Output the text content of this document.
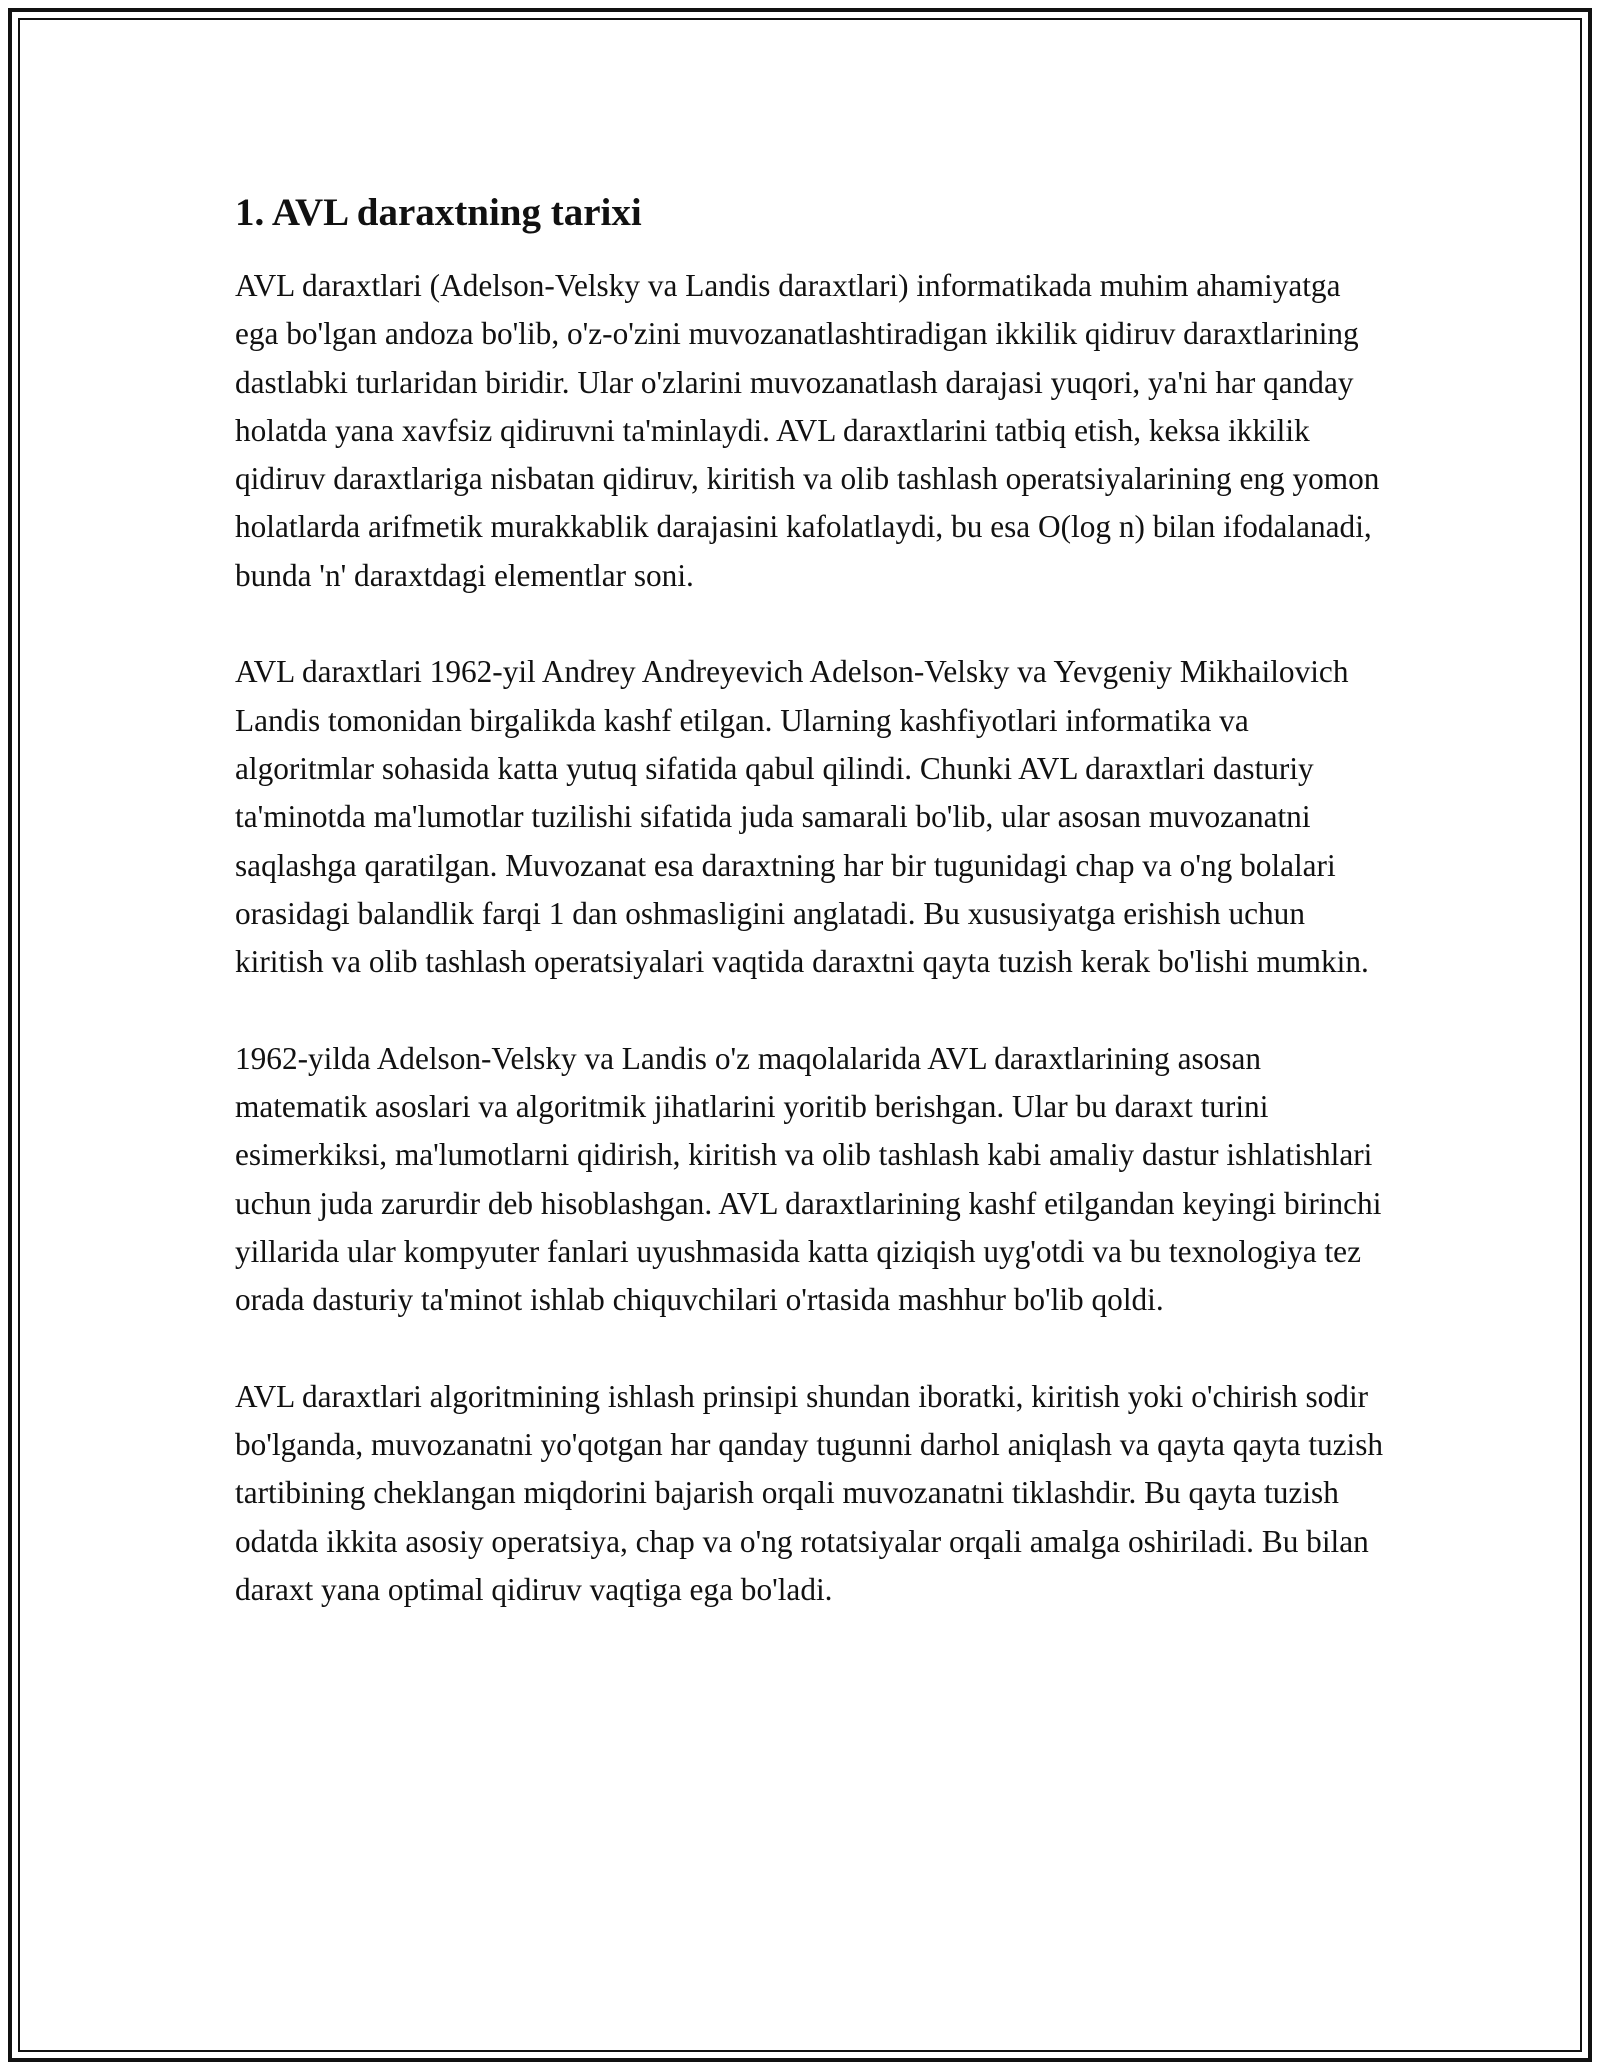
1. AVL daraxtning tarixi

AVL daraxtlari (Adelson-Velsky va Landis daraxtlari) informatikada muhim ahamiyatga ega bo'lgan andoza bo'lib, o'z-o'zini muvozanatlashtiradigan ikkilik qidiruv daraxtlarining dastlabki turlaridan biridir. Ular o'zlarini muvozanatlash darajasi yuqori, ya'ni har qanday holatda yana xavfsiz qidiruvni ta'minlaydi. AVL daraxtlarini tatbiq etish, keksa ikkilik qidiruv daraxtlariga nisbatan qidiruv, kiritish va olib tashlash operatsiyalarining eng yomon holatlarda arifmetik murakkablik darajasini kafolatlaydi, bu esa O(log n) bilan ifodalanadi, bunda 'n' daraxtdagi elementlar soni.

AVL daraxtlari 1962-yil Andrey Andreyevich Adelson-Velsky va Yevgeniy Mikhailovich Landis tomonidan birgalikda kashf etilgan. Ularning kashfiyotlari informatika va algoritmlar sohasida katta yutuq sifatida qabul qilindi. Chunki AVL daraxtlari dasturiy ta'minotda ma'lumotlar tuzilishi sifatida juda samarali bo'lib, ular asosan muvozanatni saqlashga qaratilgan. Muvozanat esa daraxtning har bir tugunidagi chap va o'ng bolalari orasidagi balandlik farqi 1 dan oshmasligini anglatadi. Bu xususiyatga erishish uchun kiritish va olib tashlash operatsiyalari vaqtida daraxtni qayta tuzish kerak bo'lishi mumkin.

1962-yilda Adelson-Velsky va Landis o'z maqolalarida AVL daraxtlarining asosan matematik asoslari va algoritmik jihatlarini yoritib berishgan. Ular bu daraxt turini esimerkiksi, ma'lumotlarni qidirish, kiritish va olib tashlash kabi amaliy dastur ishlatishlari uchun juda zarurdir deb hisoblashgan. AVL daraxtlarining kashf etilgandan keyingi birinchi yillarida ular kompyuter fanlari uyushmasida katta qiziqish uyg'otdi va bu texnologiya tez orada dasturiy ta'minot ishlab chiquvchilari o'rtasida mashhur bo'lib qoldi.

AVL daraxtlari algoritmining ishlash prinsipi shundan iboratki, kiritish yoki o'chirish sodir bo'lganda, muvozanatni yo'qotgan har qanday tugunni darhol aniqlash va qayta qayta tuzish tartibining cheklangan miqdorini bajarish orqali muvozanatni tiklashdir. Bu qayta tuzish odatda ikkita asosiy operatsiya, chap va o'ng rotatsiyalar orqali amalga oshiriladi. Bu bilan daraxt yana optimal qidiruv vaqtiga ega bo'ladi.
